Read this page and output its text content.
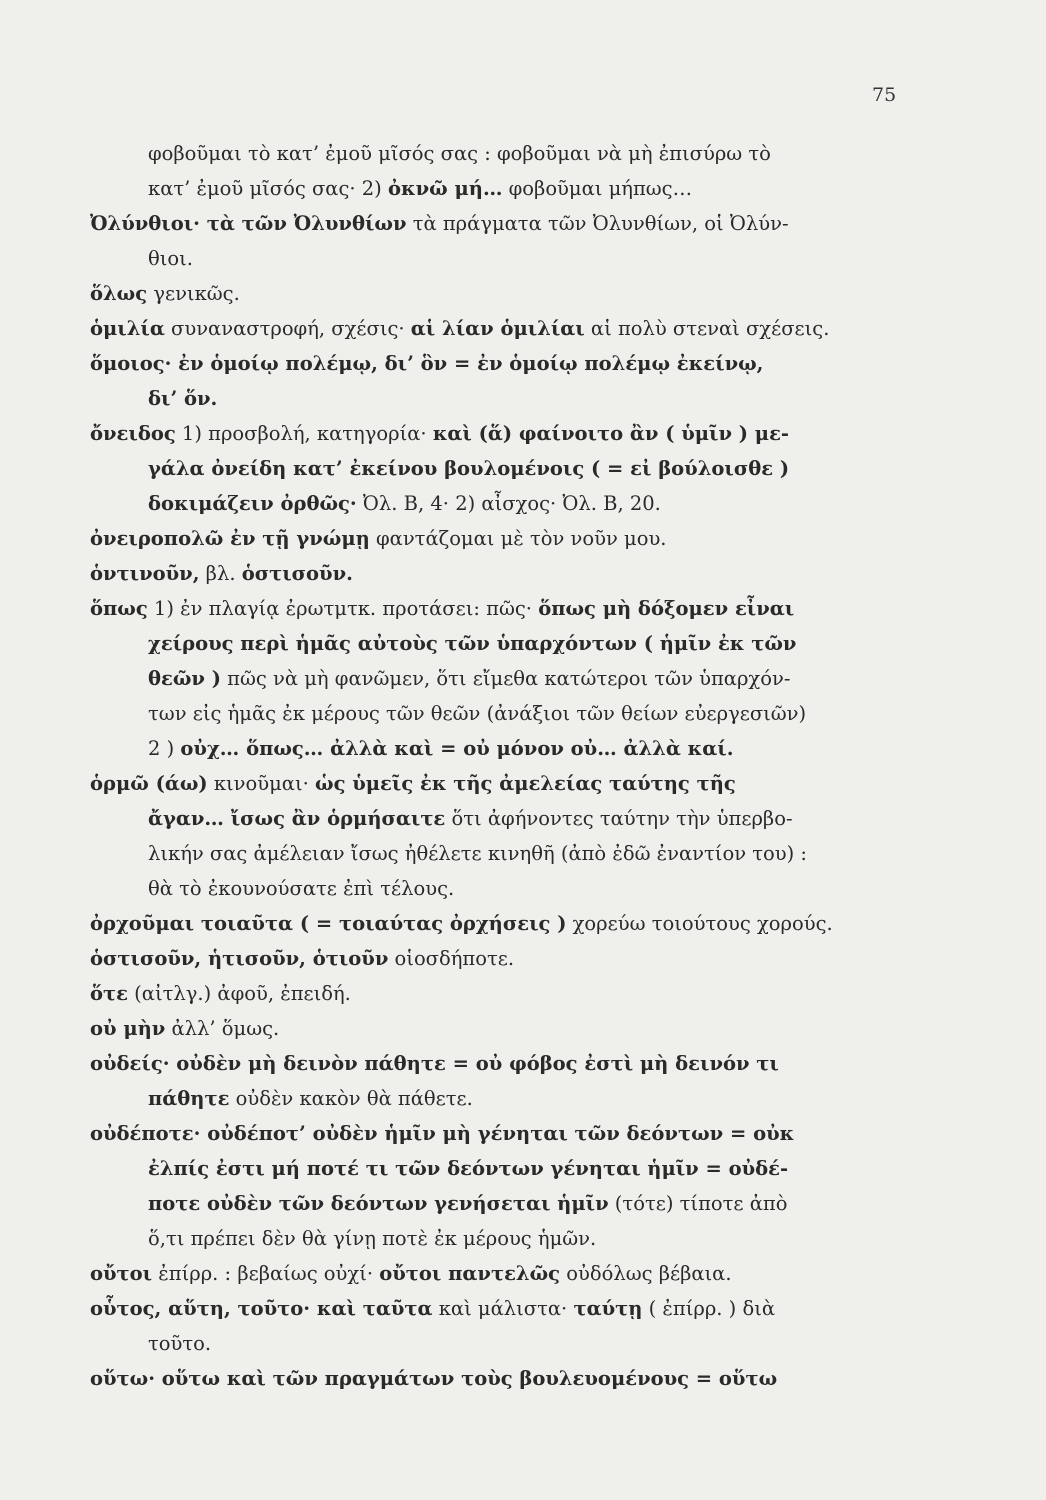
75
φοβοῦμαι τὸ κατ’ ἐμοῦ μῖσός σας : φοβοῦμαι νὰ μὴ ἐπισύρω τὸ
κατ’ ἐμοῦ μῖσός σας· 2) ὀκνῶ μή… φοβοῦμαι μήπως…
Ὀλύνθιοι· τὰ τῶν Ὀλυνθίων τὰ πράγματα τῶν Ὀλυνθίων, οἱ Ὀλύν-
θιοι.
ὅλως γενικῶς.
ὁμιλία συναναστροφή, σχέσις· αἱ λίαν ὁμιλίαι αἱ πολὺ στεναὶ σχέσεις.
ὅμοιος· ἐν ὁμοίῳ πολέμῳ, δι’ ὃν = ἐν ὁμοίῳ πολέμῳ ἐκείνῳ,
δι’ ὅν.
ὄνειδος 1) προσβολή, κατηγορία· καὶ (ἅ) φαίνοιτο ἂν ( ὑμῖν ) με-
γάλα ὀνείδη κατ’ ἐκείνου βουλομένοις ( = εἰ βούλοισθε )
δοκιμάζειν ὀρθῶς· Ὀλ. Β, 4· 2) αἶσχος· Ὀλ. Β, 20.
ὀνειροπολῶ ἐν τῇ γνώμῃ φαντάζομαι μὲ τὸν νοῦν μου.
ὁντινοῦν, βλ. ὁστισοῦν.
ὅπως 1) ἐν πλαγίᾳ ἐρωτμτκ. προτάσει: πῶς· ὅπως μὴ δόξομεν εἶναι
χείρους περὶ ἡμᾶς αὐτοὺς τῶν ὑπαρχόντων ( ἡμῖν ἐκ τῶν
θεῶν ) πῶς νὰ μὴ φανῶμεν, ὅτι εἴμεθα κατώτεροι τῶν ὑπαρχόν-
των εἰς ἡμᾶς ἐκ μέρους τῶν θεῶν (ἀνάξιοι τῶν θείων εὐεργεσιῶν)
2 ) οὐχ… ὅπως… ἀλλὰ καὶ = οὐ μόνον οὐ… ἀλλὰ καί.
ὁρμῶ (άω) κινοῦμαι· ὡς ὑμεῖς ἐκ τῆς ἀμελείας ταύτης τῆς
ἄγαν… ἴσως ἂν ὁρμήσαιτε ὅτι ἀφήνοντες ταύτην τὴν ὑπερβο-
λικήν σας ἀμέλειαν ἴσως ἠθέλετε κινηθῆ (ἀπὸ ἐδῶ ἐναντίον του) :
θὰ τὸ ἐκουνούσατε ἐπὶ τέλους.
ὀρχοῦμαι τοιαῦτα ( = τοιαύτας ὀρχήσεις ) χορεύω τοιούτους χορούς.
ὁστισοῦν, ἡτισοῦν, ὁτιοῦν οἱοσδήποτε.
ὅτε (αἰτλγ.) ἀφοῦ, ἐπειδή.
οὐ μὴν ἀλλ’ ὅμως.
οὐδείς· οὐδὲν μὴ δεινὸν πάθητε = οὐ φόβος ἐστὶ μὴ δεινόν τι
πάθητε οὐδὲν κακὸν θὰ πάθετε.
οὐδέποτε· οὐδέποτ’ οὐδὲν ἡμῖν μὴ γένηται τῶν δεόντων = οὐκ
ἐλπίς ἐστι μή ποτέ τι τῶν δεόντων γένηται ἡμῖν = οὐδέ-
ποτε οὐδὲν τῶν δεόντων γενήσεται ἡμῖν (τότε) τίποτε ἀπὸ
ὅ,τι πρέπει δὲν θὰ γίνῃ ποτὲ ἐκ μέρους ἡμῶν.
οὔτοι ἐπίρρ. : βεβαίως οὐχί· οὔτοι παντελῶς οὐδόλως βέβαια.
οὗτος, αὕτη, τοῦτο· καὶ ταῦτα καὶ μάλιστα· ταύτῃ ( ἐπίρρ. ) διὰ
τοῦτο.
οὕτω· οὕτω καὶ τῶν πραγμάτων τοὺς βουλευομένους = οὕτω
